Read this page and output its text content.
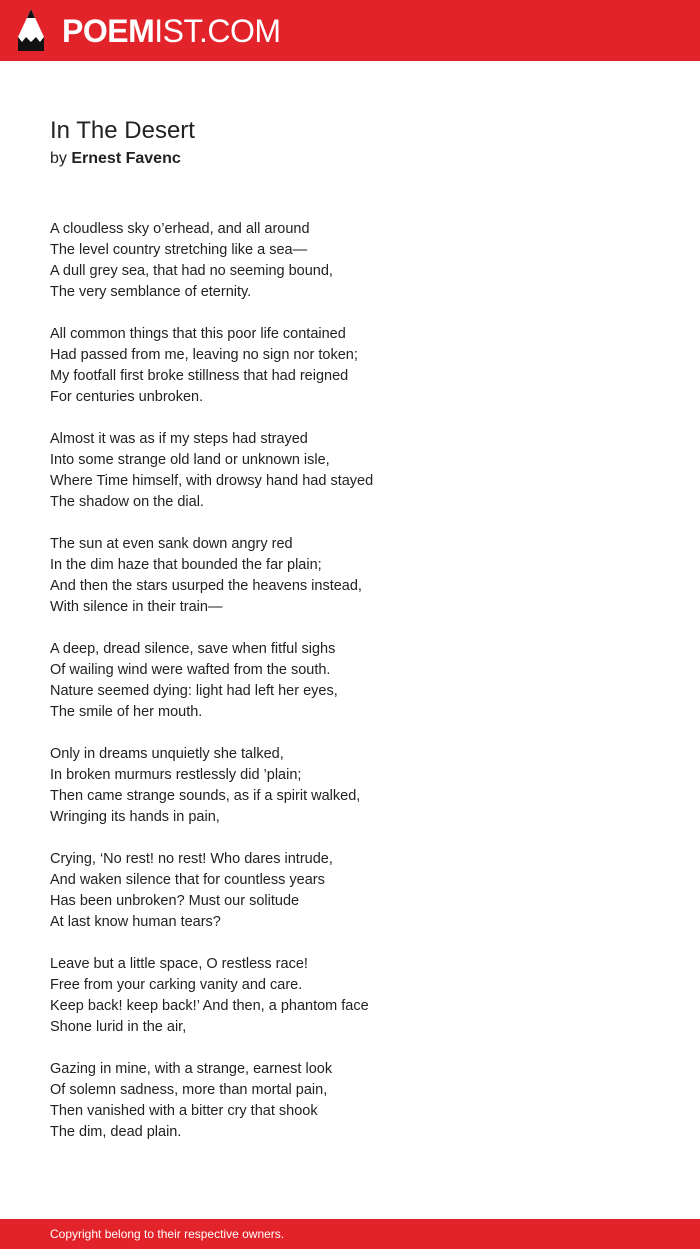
POEMIST.COM
In The Desert
by Ernest Favenc
A cloudless sky o’erhead, and all around
The level country stretching like a sea—
A dull grey sea, that had no seeming bound,
The very semblance of eternity.
All common things that this poor life contained
Had passed from me, leaving no sign nor token;
My footfall first broke stillness that had reigned
For centuries unbroken.
Almost it was as if my steps had strayed
Into some strange old land or unknown isle,
Where Time himself, with drowsy hand had stayed
The shadow on the dial.
The sun at even sank down angry red
In the dim haze that bounded the far plain;
And then the stars usurped the heavens instead,
With silence in their train—
A deep, dread silence, save when fitful sighs
Of wailing wind were wafted from the south.
Nature seemed dying: light had left her eyes,
The smile of her mouth.
Only in dreams unquietly she talked,
In broken murmurs restlessly did ’plain;
Then came strange sounds, as if a spirit walked,
Wringing its hands in pain,
Crying, ‘No rest! no rest! Who dares intrude,
And waken silence that for countless years
Has been unbroken? Must our solitude
At last know human tears?
Leave but a little space, O restless race!
Free from your carking vanity and care.
Keep back! keep back!’ And then, a phantom face
Shone lurid in the air,
Gazing in mine, with a strange, earnest look
Of solemn sadness, more than mortal pain,
Then vanished with a bitter cry that shook
The dim, dead plain.
Copyright belong to their respective owners.
